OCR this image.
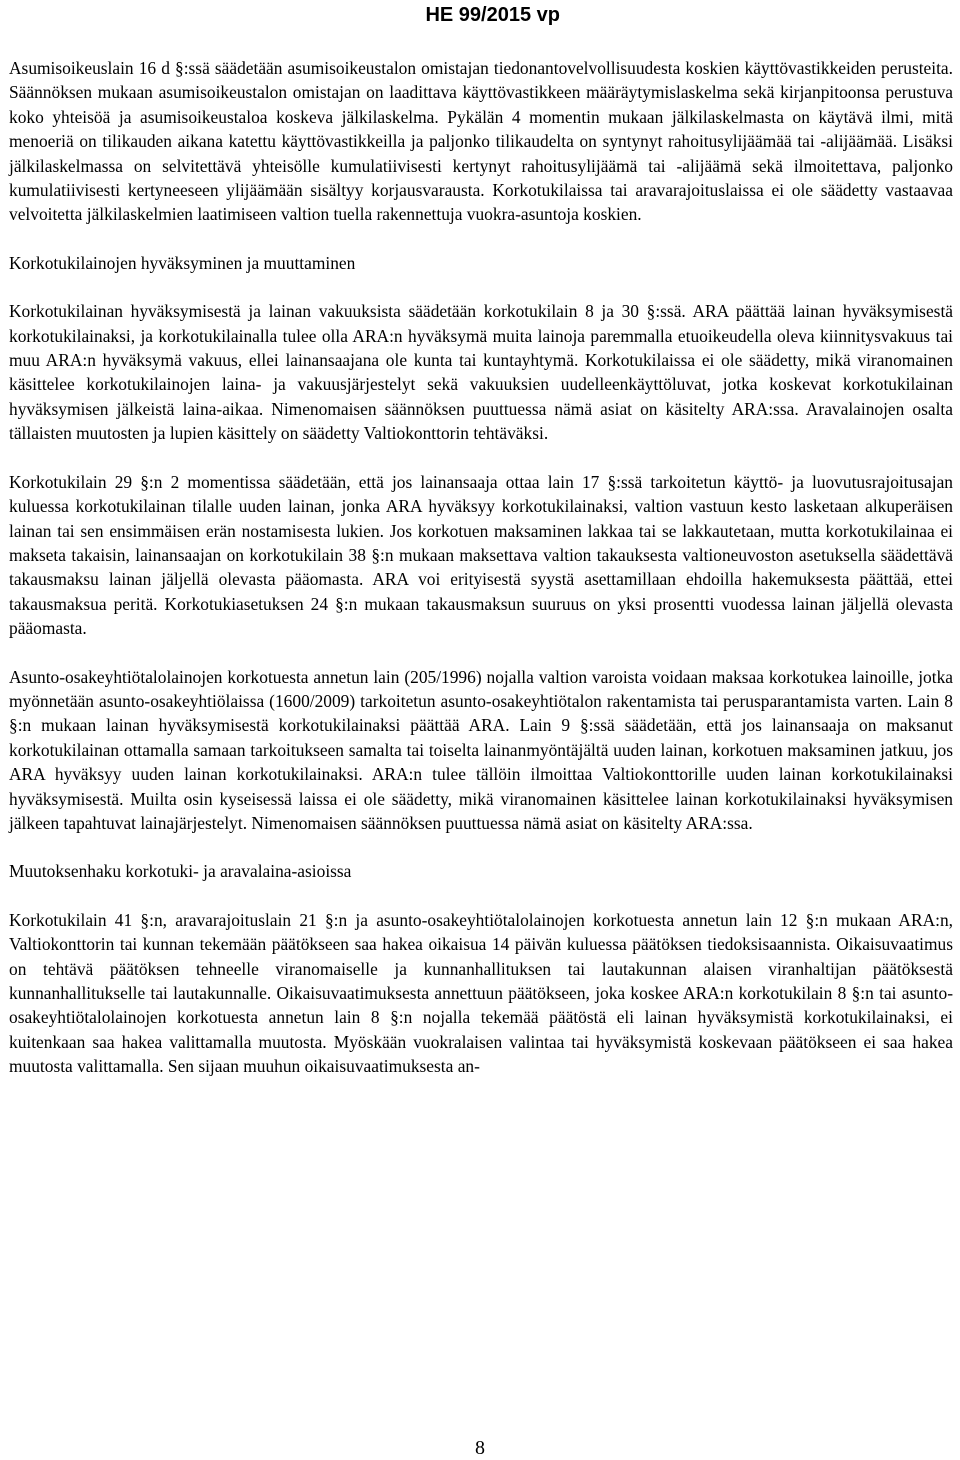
HE 99/2015 vp

Asumisoikeuslain 16 d §:ssä säädetään asumisoikeustalon omistajan tiedonantovelvollisuudesta koskien käyttövastikkeiden perusteita. Säännöksen mukaan asumisoikeustalon omistajan on laadittava käyttövastikkeen määräytymislaskelma sekä kirjanpitoonsa perustuva koko yhteisöä ja asumisoikeustaloa koskeva jälkilaskelma. Pykälän 4 momentin mukaan jälkilaskelmasta on käytävä ilmi, mitä menoeriä on tilikauden aikana katettu käyttövastikkeilla ja paljonko tilikaudelta on syntynyt rahoitusylijäämää tai -alijäämää. Lisäksi jälkilaskelmassa on selvitettävä yhteisölle kumulatiivisesti kertynyt rahoitusylijäämä tai -alijäämä sekä ilmoitettava, paljonko kumulatiivisesti kertyneeseen ylijäämään sisältyy korjausvarausta. Korkotukilaissa tai aravarajoituslaissa ei ole säädetty vastaavaa velvoitetta jälkilaskelmien laatimiseen valtion tuella rakennettuja vuokra-asuntoja koskien.

Korkotukilainojen hyväksyminen ja muuttaminen

Korkotukilainan hyväksymisestä ja lainan vakuuksista säädetään korkotukilain 8 ja 30 §:ssä. ARA päättää lainan hyväksymisestä korkotukilainaksi, ja korkotukilainalla tulee olla ARA:n hyväksymä muita lainoja paremmalla etuoikeudella oleva kiinnitysvakuus tai muu ARA:n hyväksymä vakuus, ellei lainansaajana ole kunta tai kuntayhtymä. Korkotukilaissa ei ole säädetty, mikä viranomainen käsittelee korkotukilainojen laina- ja vakuusjärjestelyt sekä vakuuksien uudelleenkäyttöluvat, jotka koskevat korkotukilainan hyväksymisen jälkeistä laina-aikaa. Nimenomaisen säännöksen puuttuessa nämä asiat on käsitelty ARA:ssa. Aravalainojen osalta tällaisten muutosten ja lupien käsittely on säädetty Valtiokonttorin tehtäväksi.

Korkotukilain 29 §:n 2 momentissa säädetään, että jos lainansaaja ottaa lain 17 §:ssä tarkoitetun käyttö- ja luovutusrajoitusajan kuluessa korkotukilainan tilalle uuden lainan, jonka ARA hyväksyy korkotukilainaksi, valtion vastuun kesto lasketaan alkuperäisen lainan tai sen ensimmäisen erän nostamisesta lukien. Jos korkotuen maksaminen lakkaa tai se lakkautetaan, mutta korkotukilainaa ei makseta takaisin, lainansaajan on korkotukilain 38 §:n mukaan maksettava valtion takauksesta valtioneuvoston asetuksella säädettävä takausmaksu lainan jäljellä olevasta pääomasta. ARA voi erityisestä syystä asettamillaan ehdoilla hakemuksesta päättää, ettei takausmaksua peritä. Korkotukiasetuksen 24 §:n mukaan takausmaksun suuruus on yksi prosentti vuodessa lainan jäljellä olevasta pääomasta.

Asunto-osakeyhtiötalolainojen korkotuesta annetun lain (205/1996) nojalla valtion varoista voidaan maksaa korkotukea lainoille, jotka myönnetään asunto-osakeyhtiölaissa (1600/2009) tarkoitetun asunto-osakeyhtiötalon rakentamista tai perusparantamista varten. Lain 8 §:n mukaan lainan hyväksymisestä korkotukilainaksi päättää ARA. Lain 9 §:ssä säädetään, että jos lainansaaja on maksanut korkotukilainan ottamalla samaan tarkoitukseen samalta tai toiselta lainanmyöntäjältä uuden lainan, korkotuen maksaminen jatkuu, jos ARA hyväksyy uuden lainan korkotukilainaksi. ARA:n tulee tällöin ilmoittaa Valtiokonttorille uuden lainan korkotukilainaksi hyväksymisestä. Muilta osin kyseisessä laissa ei ole säädetty, mikä viranomainen käsittelee lainan korkotukilainaksi hyväksymisen jälkeen tapahtuvat lainajärjestelyt. Nimenomaisen säännöksen puuttuessa nämä asiat on käsitelty ARA:ssa.

Muutoksenhaku korkotuki- ja aravalaina-asioissa

Korkotukilain 41 §:n, aravarajoituslain 21 §:n ja asunto-osakeyhtiötalolainojen korkotuesta annetun lain 12 §:n mukaan ARA:n, Valtiokonttorin tai kunnan tekemään päätökseen saa hakea oikaisua 14 päivän kuluessa päätöksen tiedoksisaannista. Oikaisuvaatimus on tehtävä päätöksen tehneelle viranomaiselle ja kunnanhallituksen tai lautakunnan alaisen viranhaltijan päätöksestä kunnanhallitukselle tai lautakunnalle. Oikaisuvaatimuksesta annettuun päätökseen, joka koskee ARA:n korkotukilain 8 §:n tai asunto-osakeyhtiötalolainojen korkotuesta annetun lain 8 §:n nojalla tekemää päätöstä eli lainan hyväksymistä korkotukilainaksi, ei kuitenkaan saa hakea valittamalla muutosta. Myöskään vuokralaisen valintaa tai hyväksymistä koskevaan päätökseen ei saa hakea muutosta valittamalla. Sen sijaan muuhun oikaisuvaatimuksesta an-

8
